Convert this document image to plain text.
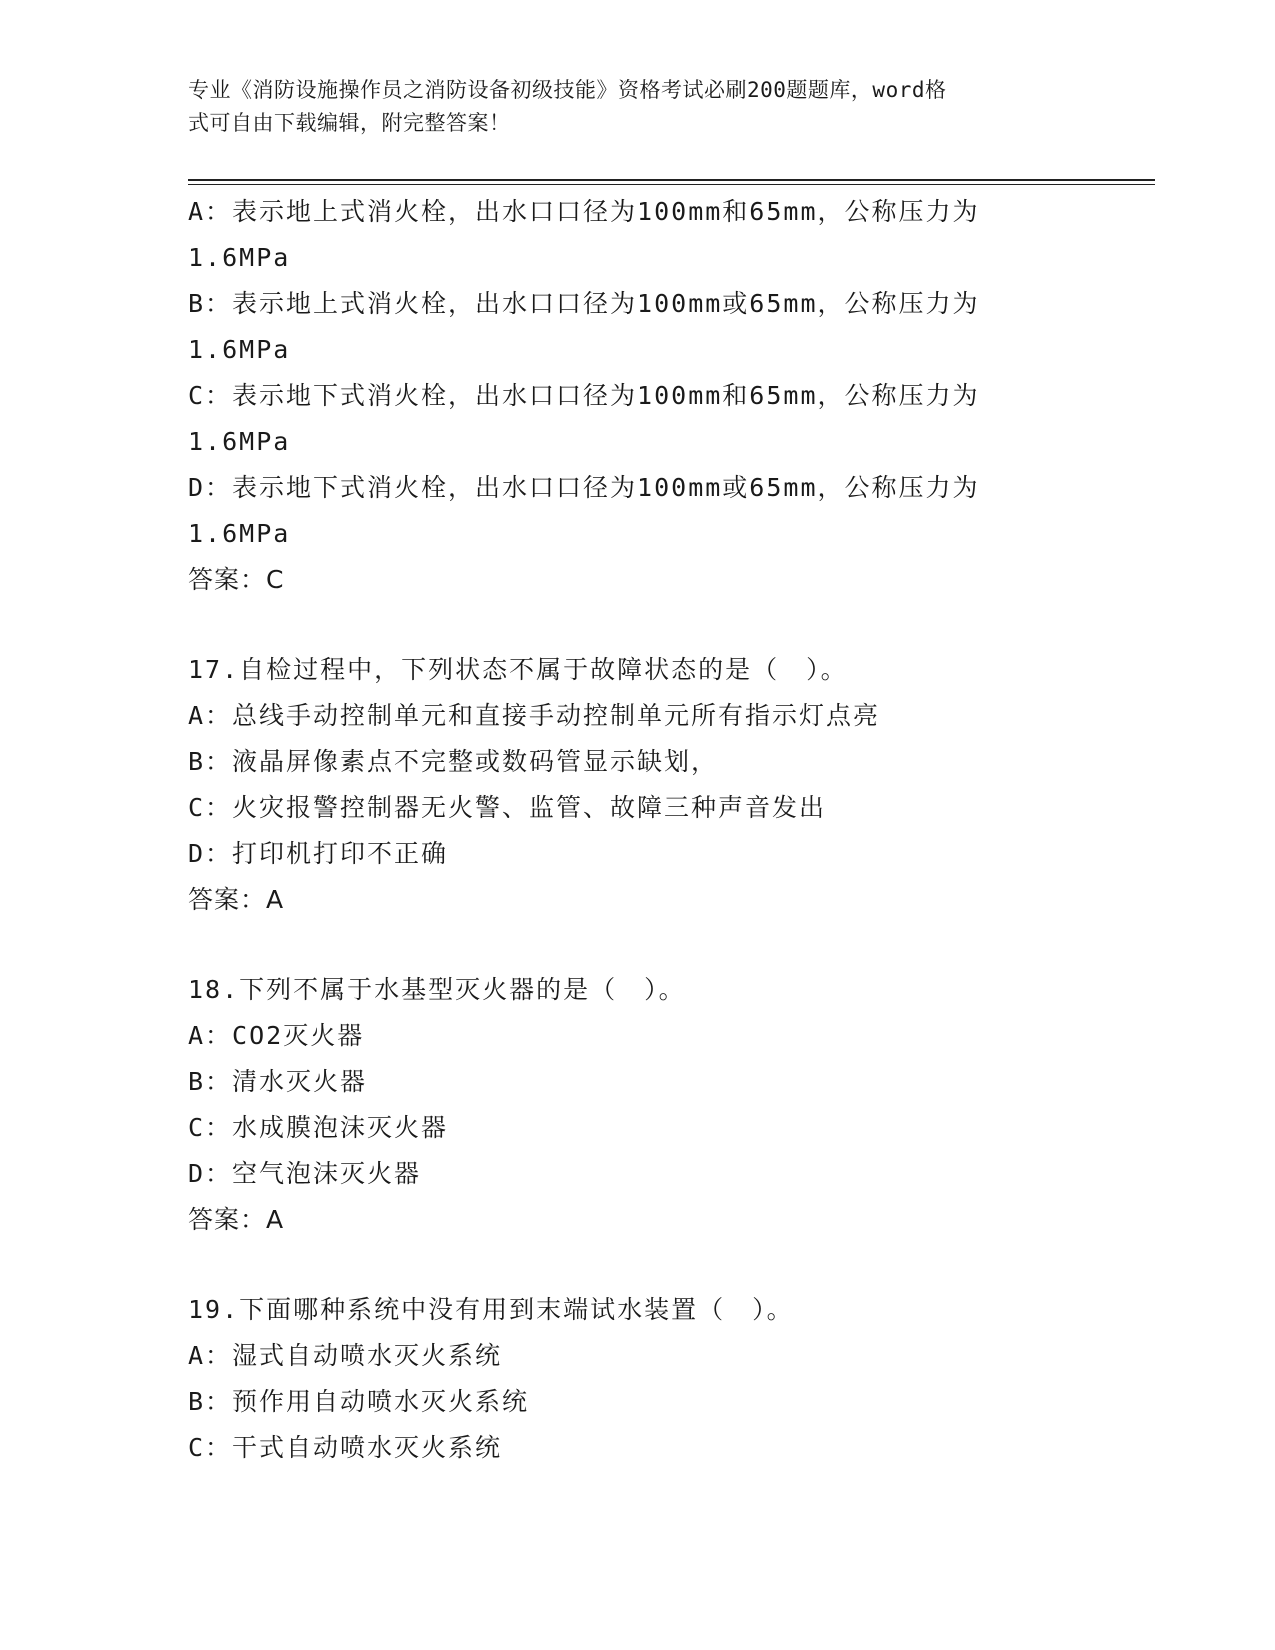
专业《消防设施操作员之消防设备初级技能》资格考试必刷200题题库，word格
式可自由下载编辑，附完整答案！
A：表示地上式消火栓，出水口口径为100mm和65mm，公称压力为
1.6MPa
B：表示地上式消火栓，出水口口径为100mm或65mm，公称压力为
1.6MPa
C：表示地下式消火栓，出水口口径为100mm和65mm，公称压力为
1.6MPa
D：表示地下式消火栓，出水口口径为100mm或65mm，公称压力为
1.6MPa
答案：C
17.自检过程中，下列状态不属于故障状态的是（　）。
A：总线手动控制单元和直接手动控制单元所有指示灯点亮
B：液晶屏像素点不完整或数码管显示缺划，
C：火灾报警控制器无火警、监管、故障三种声音发出
D：打印机打印不正确
答案：A
18.下列不属于水基型灭火器的是（　）。
A：CO2灭火器
B：清水灭火器
C：水成膜泡沫灭火器
D：空气泡沫灭火器
答案：A
19.下面哪种系统中没有用到末端试水装置（　）。
A：湿式自动喷水灭火系统
B：预作用自动喷水灭火系统
C：干式自动喷水灭火系统
